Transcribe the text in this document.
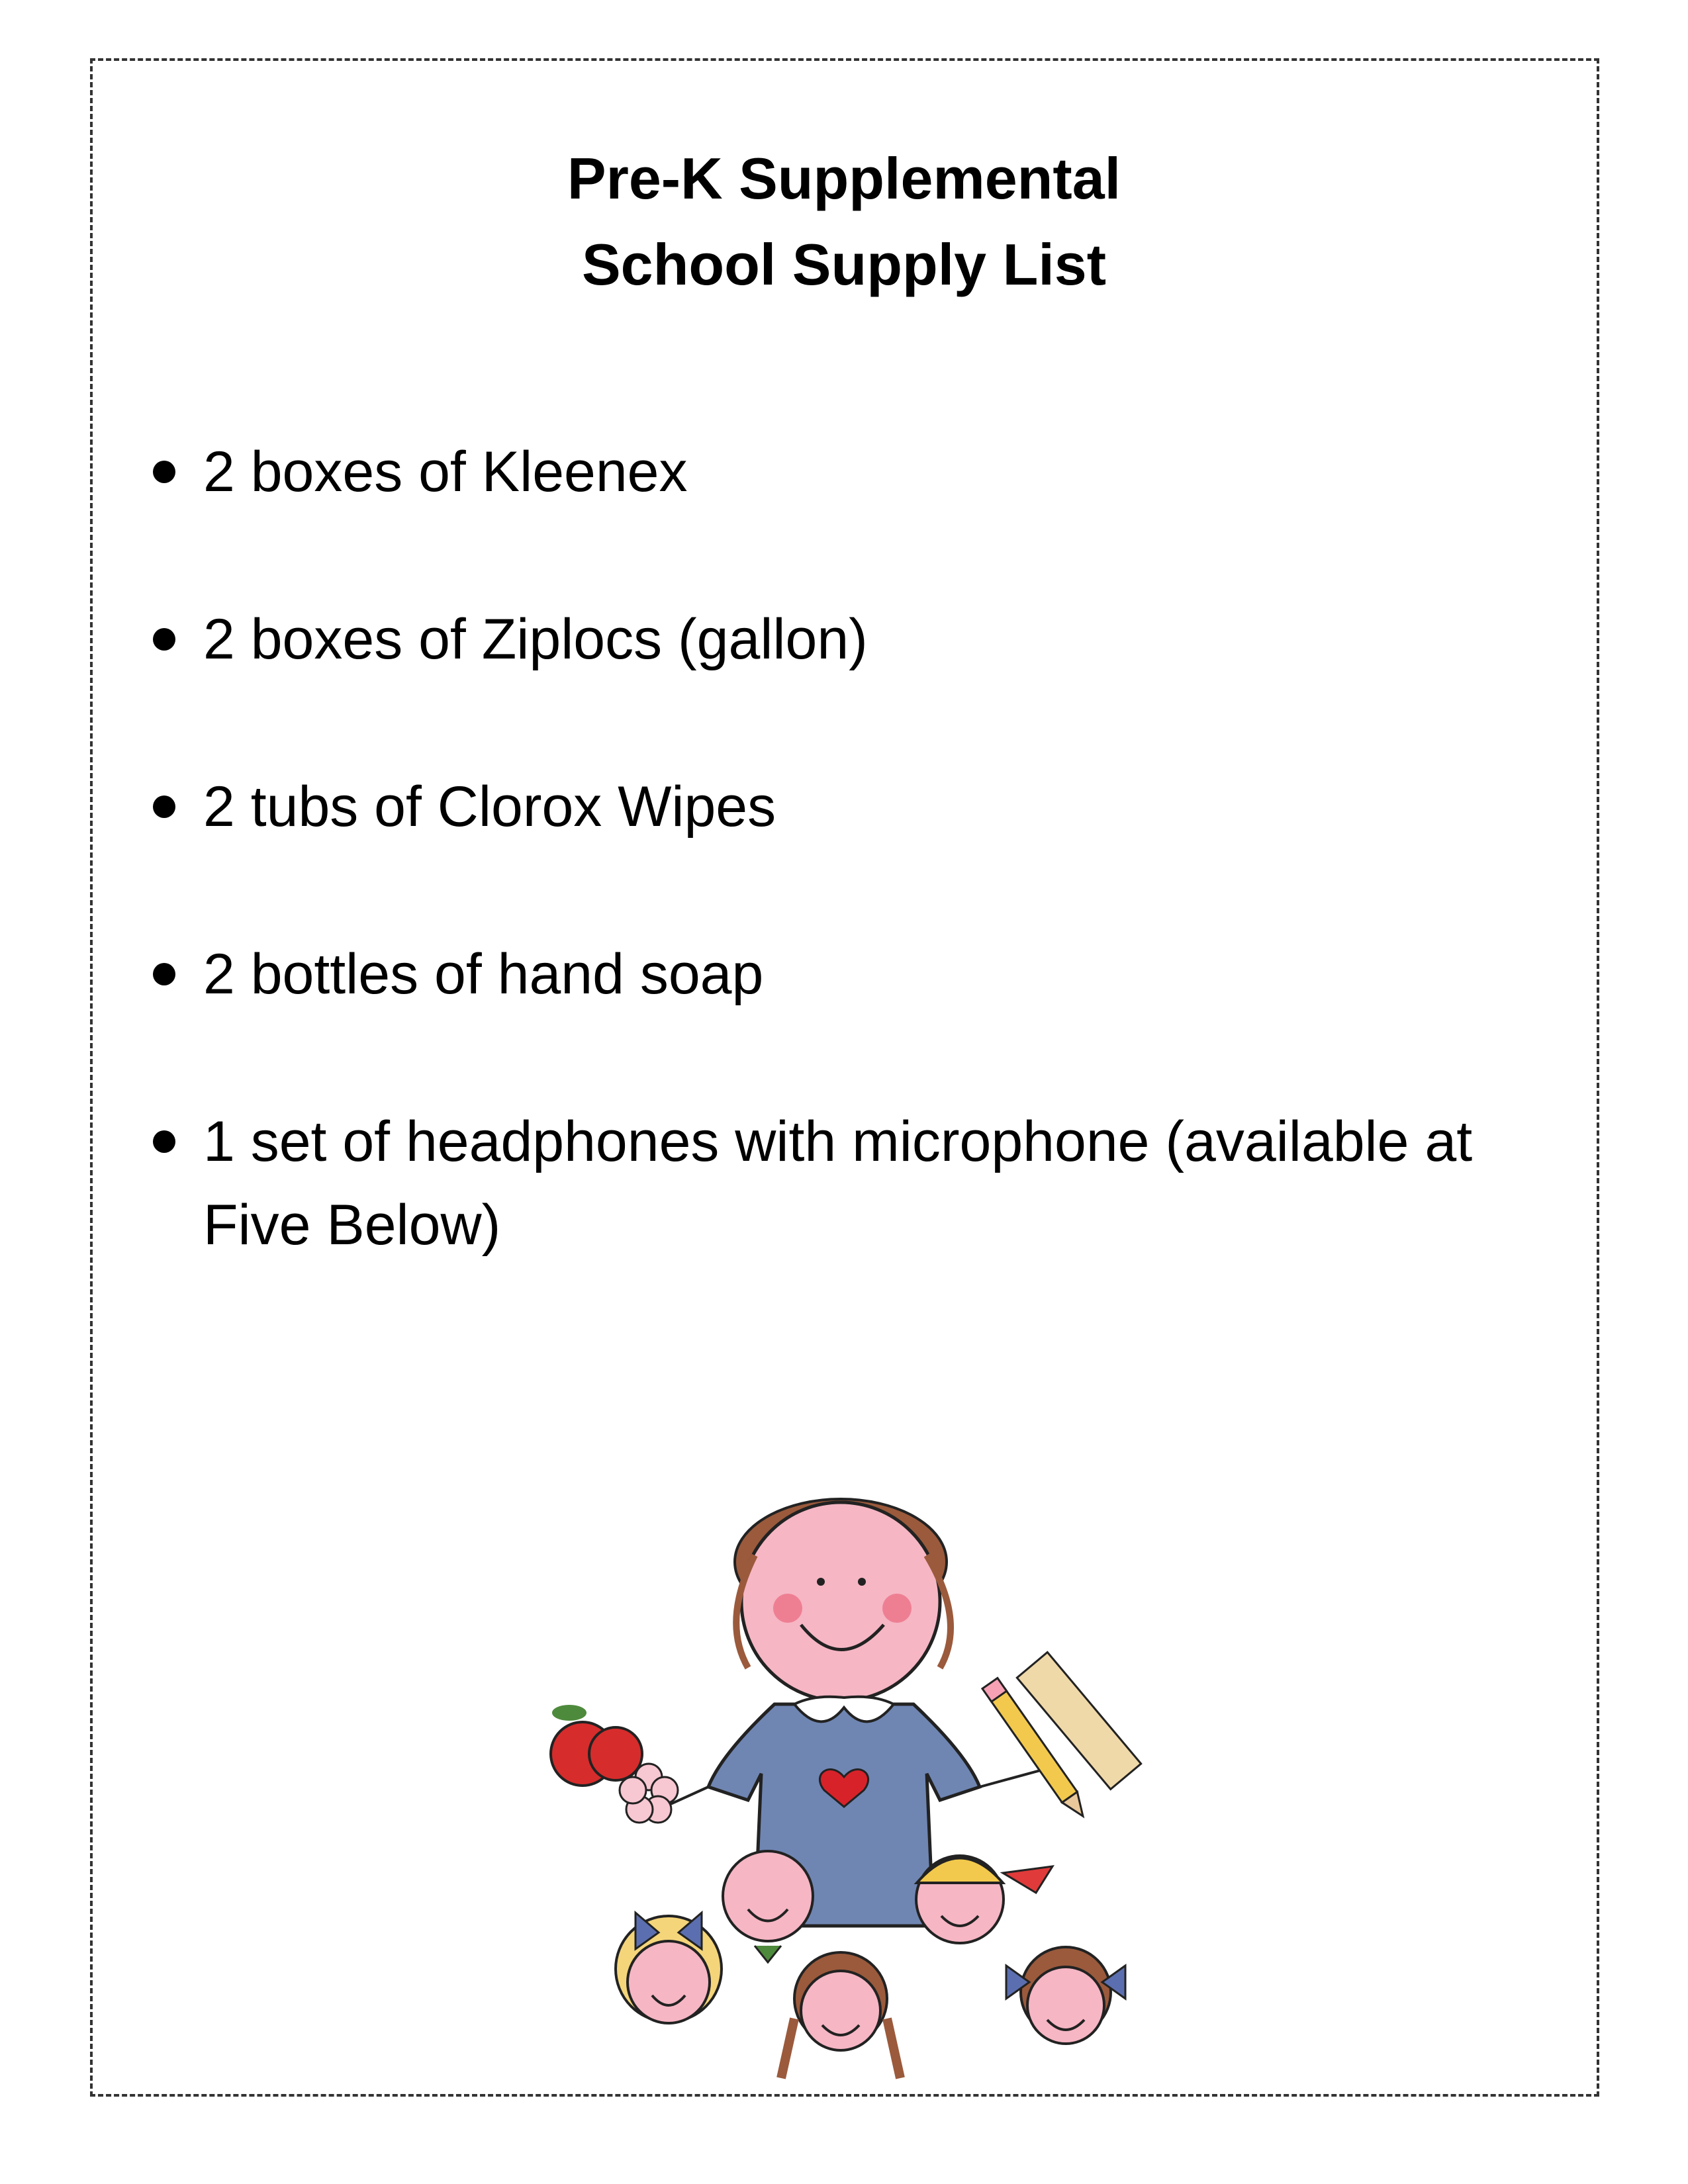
Pre-K Supplemental
School Supply List
2 boxes of Kleenex
2 boxes of Ziplocs (gallon)
2 tubs of Clorox Wipes
2 bottles of hand soap
1 set of headphones with microphone (available at Five Below)
